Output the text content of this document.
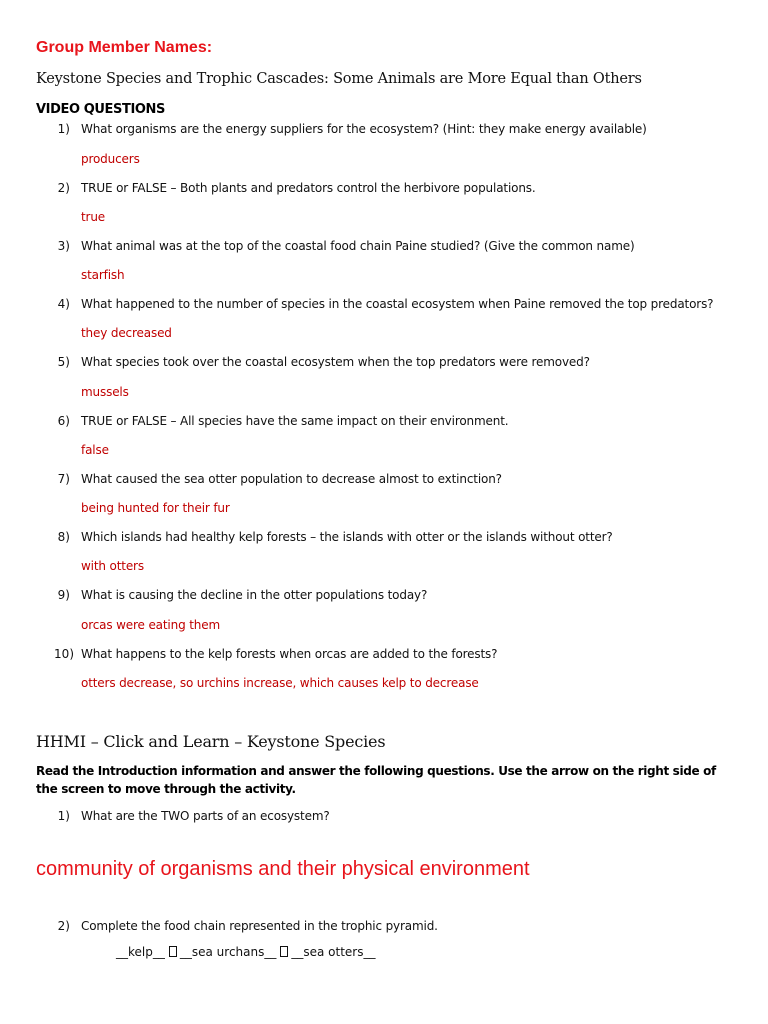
Group Member Names:
Keystone Species and Trophic Cascades: Some Animals are More Equal than Others
VIDEO QUESTIONS
1) What organisms are the energy suppliers for the ecosystem? (Hint: they make energy available)
producers
2) TRUE or FALSE – Both plants and predators control the herbivore populations.
true
3) What animal was at the top of the coastal food chain Paine studied? (Give the common name)
starfish
4) What happened to the number of species in the coastal ecosystem when Paine removed the top predators?
they decreased
5) What species took over the coastal ecosystem when the top predators were removed?
mussels
6) TRUE or FALSE – All species have the same impact on their environment.
false
7) What caused the sea otter population to decrease almost to extinction?
being hunted for their fur
8) Which islands had healthy kelp forests – the islands with otter or the islands without otter?
with otters
9) What is causing the decline in the otter populations today?
orcas were eating them
10) What happens to the kelp forests when orcas are added to the forests?
otters decrease, so urchins increase, which causes kelp to decrease
HHMI – Click and Learn – Keystone Species
Read the Introduction information and answer the following questions. Use the arrow on the right side of the screen to move through the activity.
1) What are the TWO parts of an ecosystem?
community of organisms and their physical environment
2) Complete the food chain represented in the trophic pyramid.
__kelp__ __sea urchans__ __sea otters__
